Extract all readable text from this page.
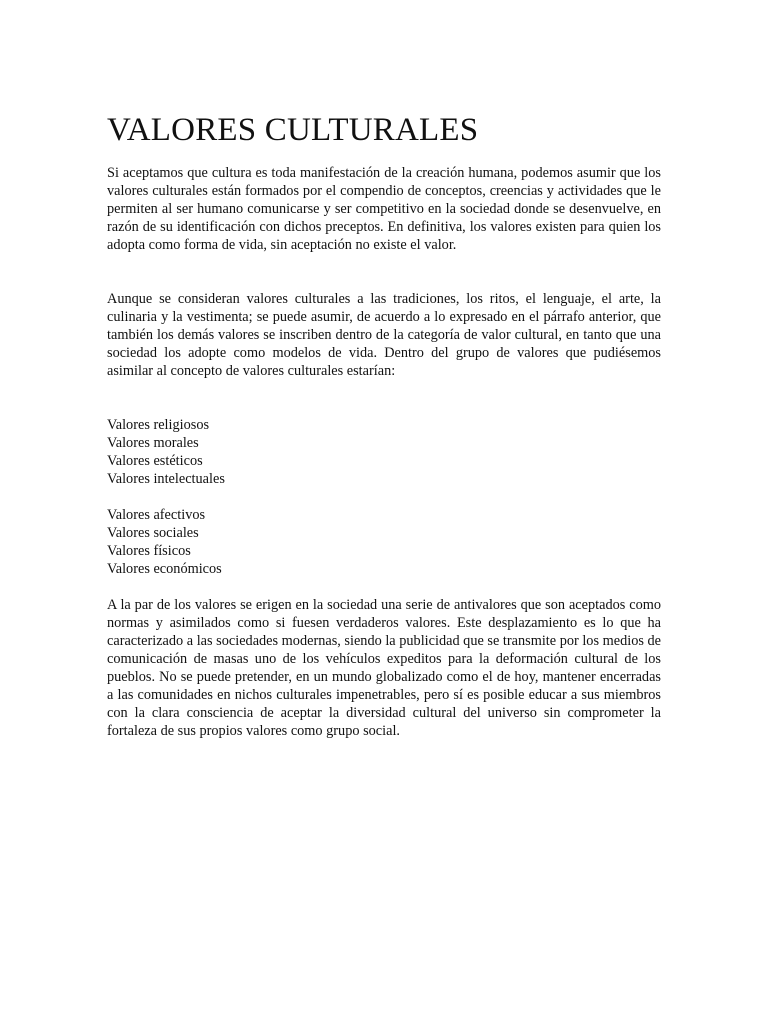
VALORES CULTURALES

Si aceptamos que cultura es toda manifestación de la creación humana, podemos asumir que los valores culturales están formados por el compendio de conceptos, creencias y actividades que le permiten al ser humano comunicarse y ser competitivo en la sociedad donde se desenvuelve, en razón de su identificación con dichos preceptos. En definitiva, los valores existen para quien los adopta como forma de vida, sin aceptación no existe el valor.

Aunque se consideran valores culturales a las tradiciones, los ritos, el lenguaje, el arte, la culinaria y la vestimenta; se puede asumir, de acuerdo a lo expresado en el párrafo anterior, que también los demás valores se inscriben dentro de la categoría de valor cultural, en tanto que una sociedad los adopte como modelos de vida. Dentro del grupo de valores que pudiésemos asimilar al concepto de valores culturales estarían:

Valores religiosos
Valores morales
Valores estéticos
Valores intelectuales
Valores afectivos
Valores sociales
Valores físicos
Valores económicos

A la par de los valores se erigen en la sociedad una serie de antivalores que son aceptados como normas y asimilados como si fuesen verdaderos valores. Este desplazamiento es lo que ha caracterizado a las sociedades modernas, siendo la publicidad que se transmite por los medios de comunicación de masas uno de los vehículos expeditos para la deformación cultural de los pueblos. No se puede pretender, en un mundo globalizado como el de hoy, mantener encerradas a las comunidades en nichos culturales impenetrables, pero sí es posible educar a sus miembros con la clara consciencia de aceptar la diversidad cultural del universo sin comprometer la fortaleza de sus propios valores como grupo social.
